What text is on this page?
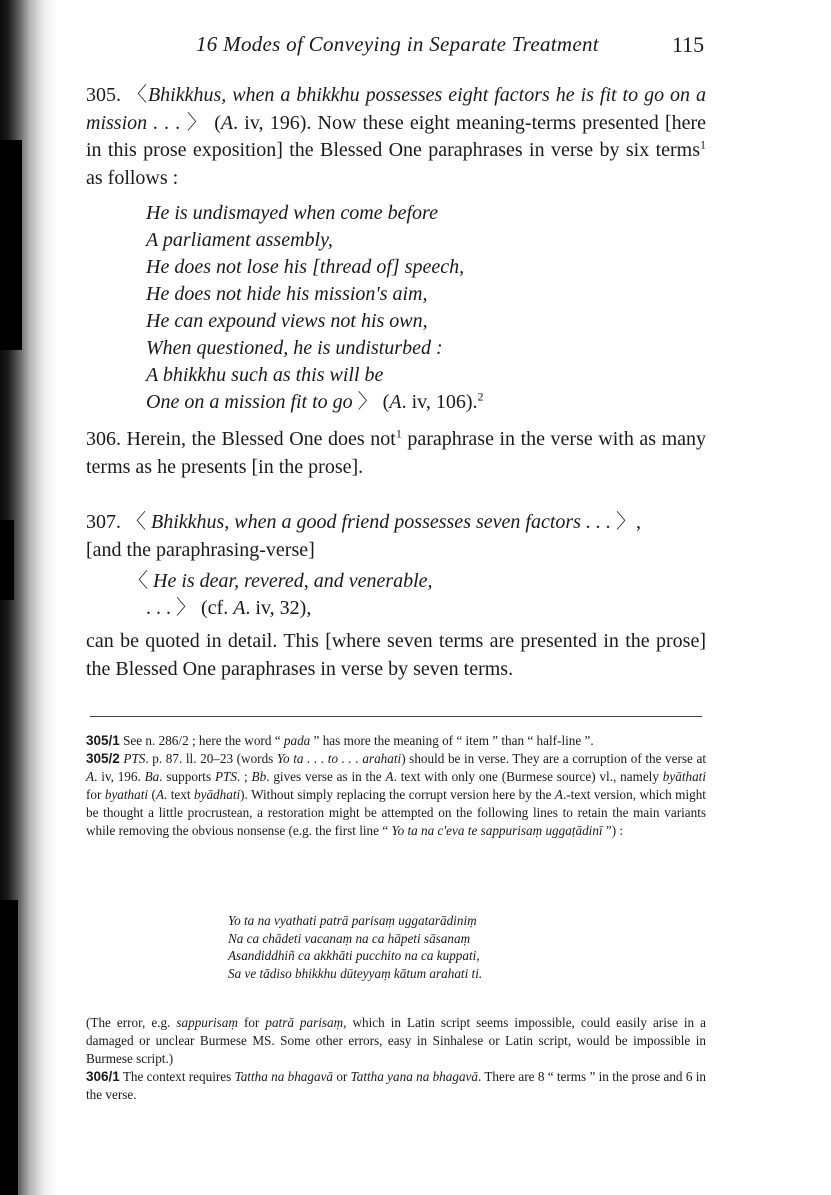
16 Modes of Conveying in Separate Treatment	115

305. 〈Bhikkhus, when a bhikkhu possesses eight factors he is fit to go on a mission . . . 〉 (A. iv, 196). Now these eight meaning-terms presented [here in this prose exposition] the Blessed One paraphrases in verse by six terms$^1$ as follows :

He is undismayed when come before
A parliament assembly,
He does not lose his [thread of] speech,
He does not hide his mission's aim,
He can expound views not his own,
When questioned, he is undisturbed :
A bhikkhu such as this will be
One on a mission fit to go 〉 (A. iv, 106).$^2$

306. Herein, the Blessed One does not$^1$ paraphrase in the verse with as many terms as he presents [in the prose].

307. 〈 Bhikkhus, when a good friend possesses seven factors . . . 〉,
[and the paraphrasing-verse]

〈 He is dear, revered, and venerable,
. . . 〉 (cf. A. iv, 32),

can be quoted in detail. This [where seven terms are presented in the prose] the Blessed One paraphrases in verse by seven terms.

305/1 See n. 286/2 ; here the word “ pada ” has more the meaning of “ item ” than “ half-line ”.

305/2 PTS. p. 87. ll. 20–23 (words Yo ta . . . to . . . arahati) should be in verse. They are a corruption of the verse at A. iv, 196. Ba. supports PTS. ; Bb. gives verse as in the A. text with only one (Burmese source) vl., namely byāthati for byathati (A. text byādhati). Without simply replacing the corrupt version here by the A.-text version, which might be thought a little procrustean, a restoration might be attempted on the following lines to retain the main variants while removing the obvious nonsense (e.g. the first line “ Yo ta na c'eva te sappurisaṃ uggaṭādinī ”) :

Yo ta na vyathati patrā parisaṃ uggatarādiniṃ
Na ca chādeti vacanaṃ na ca hāpeti sāsanaṃ
Asandiddhiñ ca akkhāti pucchito na ca kuppati,
Sa ve tādiso bhikkhu dūteyyaṃ kātum arahati ti.

(The error, e.g. sappurisaṃ for patrā parisaṃ, which in Latin script seems impossible, could easily arise in a damaged or unclear Burmese MS. Some other errors, easy in Sinhalese or Latin script, would be impossible in Burmese script.)

306/1 The context requires Tattha na bhagavā or Tattha yana na bhagavā. There are 8 “ terms ” in the prose and 6 in the verse.
